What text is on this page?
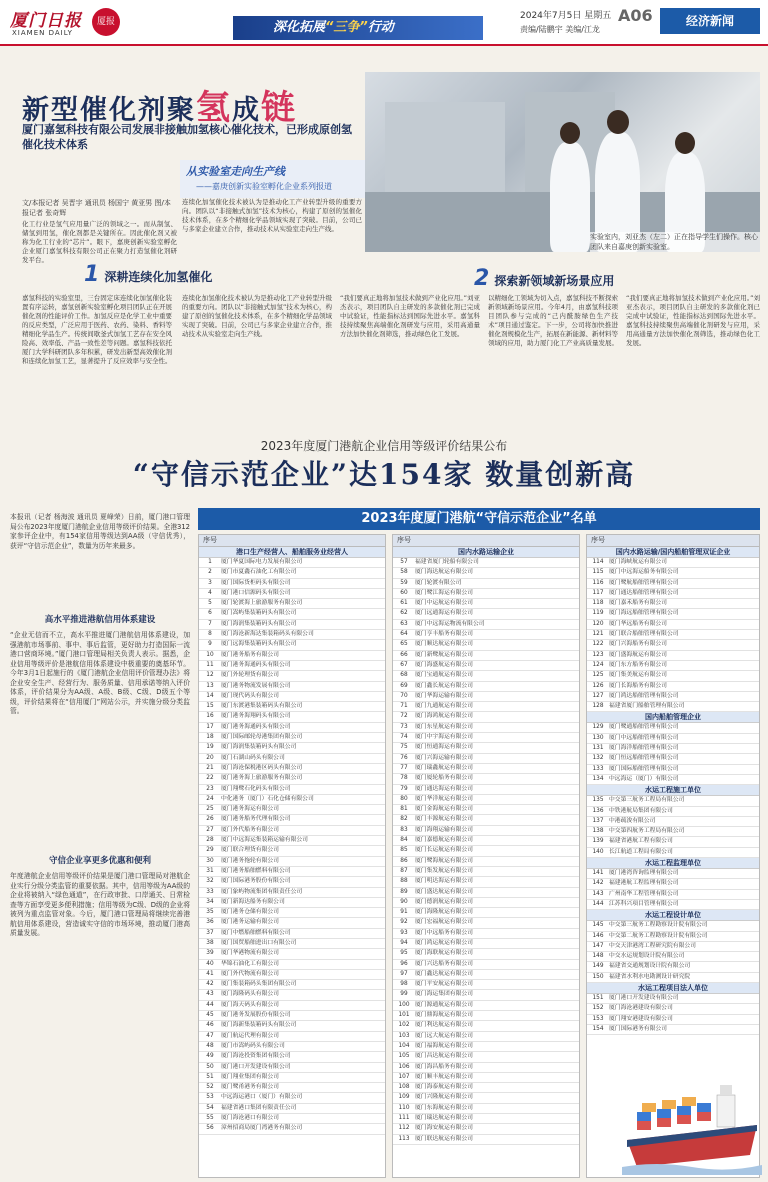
厦门日报
XIAMEN DAILY
厦报	深化拓展“三争”行动
2024年7月5日 星期五
责编/陆鹏宇 美编/江龙
A06	经济新闻
新型催化剂聚氢成链
厦门嘉氢科技有限公司发展非接触加氢核心催化技术，已形成原创氢催化技术体系
从实验室走向生产线
——嘉庚创新实验室孵化企业系列报道
实验室内，刘亚杰（左二）正在指导学生们操作。核心团队来自嘉庚创新实验室。
文/本报记者 吴晋宇 通讯员 杨国宁 黄亚男 图/本报记者 张奇辉
化工行业是氢气应用量广泛的领域之一。而从制氢、储氢到用氢，催化剂都是关键所在。因此催化剂又被称为化工行业的“芯片”。眼下，嘉庚创新实验室孵化企业厦门嘉氢科技有限公司正在聚力打造氢催化剂研发平台。
连续化加氢催化技术被认为是推动化工产业转型升级的重要方向。团队以“非接触式加氢”技术为核心，构建了原创的氢催化技术体系，在多个精细化学品领域实现了突破。目前，公司已与多家企业建立合作，推动技术从实验室走向生产线。
1 深耕连续化加氢催化	2 探索新领域新场景应用
嘉氢科技的实验室里，三台固定床连续化加氢催化装置有序运转，嘉氢创新实验室孵化项目团队正在开展催化剂的性能评价工作。加氢反应是化学工业中重要的反应类型，广泛应用于医药、农药、染料、香料等精细化学品生产。传统间歇釜式加氢工艺存在安全风险高、效率低、产品一致性差等问题。嘉氢科技依托厦门大学科研团队多年积累，研发出新型高效催化剂和连续化加氢工艺，显著提升了反应效率与安全性。
连续化加氢催化技术被认为是推动化工产业转型升级的重要方向。团队以“非接触式加氢”技术为核心，构建了原创的氢催化技术体系，在多个精细化学品领域实现了突破。目前，公司已与多家企业建立合作，推动技术从实验室走向生产线。
“我们要真正地将加氢技术做到产业化应用。”刘亚杰表示，项目团队自主研发的多款催化剂已完成中试验证，性能指标达到国际先进水平。嘉氢科技持续聚焦高端催化剂研发与应用，采用高通量方法加快催化剂筛选，推动绿色化工发展。
以精细化工领域为切入点，嘉氢科技不断探索新领域新场景应用。今年4月，由嘉氢科技项目团队参与完成的“己内酰胺绿色生产技术”项目通过鉴定。下一步，公司将加快推进催化剂规模化生产，拓展在新能源、新材料等领域的应用，助力厦门化工产业高质量发展。
“我们要真正地将加氢技术做到产业化应用。”刘亚杰表示，项目团队自主研发的多款催化剂已完成中试验证，性能指标达到国际先进水平。嘉氢科技持续聚焦高端催化剂研发与应用，采用高通量方法加快催化剂筛选，推动绿色化工发展。
2023年度厦门港航企业信用等级评价结果公布
“守信示范企业”达154家 数量创新高
本报讯（记者 杨海波 通讯员 夏峰荣）日前，厦门港口管理局公布2023年度厦门港航企业信用等级评价结果。全港312家参评企业中，有154家信用等级达到AA级（守信优秀），获评“守信示范企业”，数量为历年来最多。
高水平推进港航信用体系建设
“企业无信而不立，高水平推进厦门港航信用体系建设，加强港航市场事前、事中、事后监管，更好助力打造国际一流港口营商环境。”厦门港口管理局相关负责人表示。据悉，企业信用等级评价是港航信用体系建设中极重要的奠基环节。今年3月1日起施行的《厦门港航企业信用评价管理办法》将企业安全生产、经营行为、服务质量、信用承诺等纳入评价体系，评价结果分为AA级、A级、B级、C级、D级五个等级，评价结果将在“信用厦门”网站公示，并实施分级分类监管。
守信企业享更多优惠和便利
年度港航企业信用等级评价结果是厦门港口管理局对港航企业实行分级分类监管的重要依据。其中，信用等级为AA级的企业将被纳入“绿色通道”，在行政审批、口岸通关、日常检查等方面享受更多便利措施；信用等级为C级、D级的企业将被列为重点监管对象。今后，厦门港口管理局将继续完善港航信用体系建设，营造诚实守信的市场环境，推动厦门港高质量发展。
2023年度厦门港航“守信示范企业”名单
序号
港口生产经营人、船舶服务业经营人
1 厦门华夏国际电力发展有限公司
2 厦门市夏鑫石油化工有限公司
3 厦门国际货柜码头有限公司
4 厦门港口信源码头有限公司
5 厦门轮渡海上旅游服务有限公司
6 厦门嵩屿集装箱码头有限公司
7 厦门海润集装箱码头有限公司
8 厦门海沧新海达集装箱码头有限公司
9 厦门远海集装箱码头有限公司
10 厦门港务船务有限公司
11 厦门港务海通码头有限公司
12 厦门外轮理货有限公司
13 厦门港务物流发展有限公司
14 厦门现代码头有限公司
15 厦门东渡港集装箱码头有限公司
16 厦门港务海翔码头有限公司
17 厦门港务海通码头有限公司
18 厦门国际邮轮母港集团有限公司
19 厦门海润集装箱码头有限公司
20 厦门石湖山码头有限公司
21 厦门海沧保税港区码头有限公司
22 厦门港务海上旅游服务有限公司
23 厦门翔鹭石化码头有限公司
24 中化港务（厦门）石化仓储有限公司
25 厦门港务海运有限公司
26 厦门港务船务代理有限公司
27 厦门外代船务有限公司
28 厦门中远海运集装箱运输有限公司
29 厦门联合理货有限公司
30 厦门港务拖轮有限公司
31 厦门港务船舶燃料有限公司
32 厦门国际港务股份有限公司
33 厦门象屿物流集团有限责任公司
34 厦门新海达船务有限公司
35 厦门港务仓储有限公司
36 厦门港务运输有限公司
37 厦门中燃船舶燃料有限公司
38 厦门国贸船舶进出口有限公司
39 厦门华港物流有限公司
40 华锦石油化工有限公司
41 厦门外代物流有限公司
42 厦门集装箱码头集团有限公司
43 厦门海隆码头有限公司
44 厦门海天码头有限公司
45 厦门港务发展股份有限公司
46 厦门海新集装箱码头有限公司
47 厦门航运代理有限公司
48 厦门市嵩屿码头有限公司
49 厦门海沧投资集团有限公司
50 厦门港口开发建设有限公司
51 厦门翔业集团有限公司
52 厦门鹭甬港务有限公司
53 中远海运港口（厦门）有限公司
54 福建省港口集团有限责任公司
55 厦门海沧港口有限公司
56 漳州招商局厦门湾港务有限公司
序号
国内水路运输企业
57 福建省厦门轮船有限公司
58 厦门海达航运有限公司
59 厦门轮渡有限公司
60 厦门鹭江海运有限公司
61 厦门中运航运有限公司
62 厦门远通海运有限公司
63 厦门中远海运物流有限公司
64 厦门亨丰船务有限公司
65 厦门顺达航运有限公司
66 厦门新鹭航运有限公司
67 厦门海盛航运有限公司
68 厦门宝通航运有限公司
69 厦门鑫长航运有限公司
70 厦门华海运输有限公司
71 厦门九通航运有限公司
72 厦门海鸿航运有限公司
73 厦门东星航运有限公司
74 厦门中宇海运有限公司
75 厦门恒通海运有限公司
76 厦门兴海运输有限公司
77 厦门瑞鑫航运有限公司
78 厦门厦轮船务有限公司
79 厦门通达海运有限公司
80 厦门华洋航运有限公司
81 厦门金海航运有限公司
82 厦门丰源航运有限公司
83 厦门海翔运输有限公司
84 厦门嘉德航运有限公司
85 厦门长运航运有限公司
86 厦门鹭海航运有限公司
87 厦门集发航运有限公司
88 厦门明达海运有限公司
89 厦门盛达航运有限公司
90 厦门德润航运有限公司
91 厦门海隆航运有限公司
92 厦门宏福航运有限公司
93 厦门中远船务有限公司
94 厦门鸿运航运有限公司
95 厦门海联航运有限公司
96 厦门兴达船务有限公司
97 厦门鑫达航运有限公司
98 厦门平安航运有限公司
99 厦门海运集团有限公司
100 厦门源通航运有限公司
101 厦门鼎海航运有限公司
102 厦门利达航运有限公司
103 厦门远大航运有限公司
104 厦门福海航运有限公司
105 厦门昌达航运有限公司
106 厦门海昌船务有限公司
107 厦门顺丰航运有限公司
108 厦门海泰航运有限公司
109 厦门兴隆航运有限公司
110 厦门东海航运有限公司
111 厦门瑞达航运有限公司
112 厦门海安航运有限公司
113 厦门联达航运有限公司
序号
国内水路运输/国内船舶管理双证企业
114 厦门海峡航运有限公司
115 厦门中远海运船务有限公司
116 厦门鹭航船舶管理有限公司
117 厦门通达船舶管理有限公司
118 厦门嘉禾船务有限公司
119 厦门海远船舶管理有限公司
120 厦门华远船务有限公司
121 厦门联合船舶管理有限公司
122 厦门兴海船务有限公司
123 厦门盛海航运有限公司
124 厦门东方船务有限公司
125 厦门集美航运有限公司
126 厦门长海船务有限公司
127 厦门鸿达船舶管理有限公司
128 福建省厦门船舶管理有限公司
国内船舶管理企业
129 厦门鹭通船舶管理有限公司
130 厦门中远船舶管理有限公司
131 厦门海洋船舶管理有限公司
132 厦门恒远船舶管理有限公司
133 厦门国际船舶管理有限公司
134 中远海运（厦门）有限公司
水运工程施工单位
135 中交第三航务工程局有限公司
136 中铁港航局集团有限公司
137 中港疏浚有限公司
138 中交第四航务工程局有限公司
139 福建省港航工程有限公司
140 长江航道工程局有限公司
水运工程监理单位
141 厦门港湾咨询监理有限公司
142 福建港航工程监理有限公司
143 广州南华工程管理有限公司
144 江苏科兴项目管理有限公司
水运工程设计单位
145 中交第三航务工程勘察设计院有限公司
146 中交第二航务工程勘察设计院有限公司
147 中交天津港湾工程研究院有限公司
148 中交水运规划设计院有限公司
149 福建省交通规划设计院有限公司
150 福建省水利水电勘测设计研究院
水运工程项目法人单位
151 厦门港口开发建设有限公司
152 厦门海沧港建设有限公司
153 厦门翔安港建设有限公司
154 厦门国际港务有限公司
